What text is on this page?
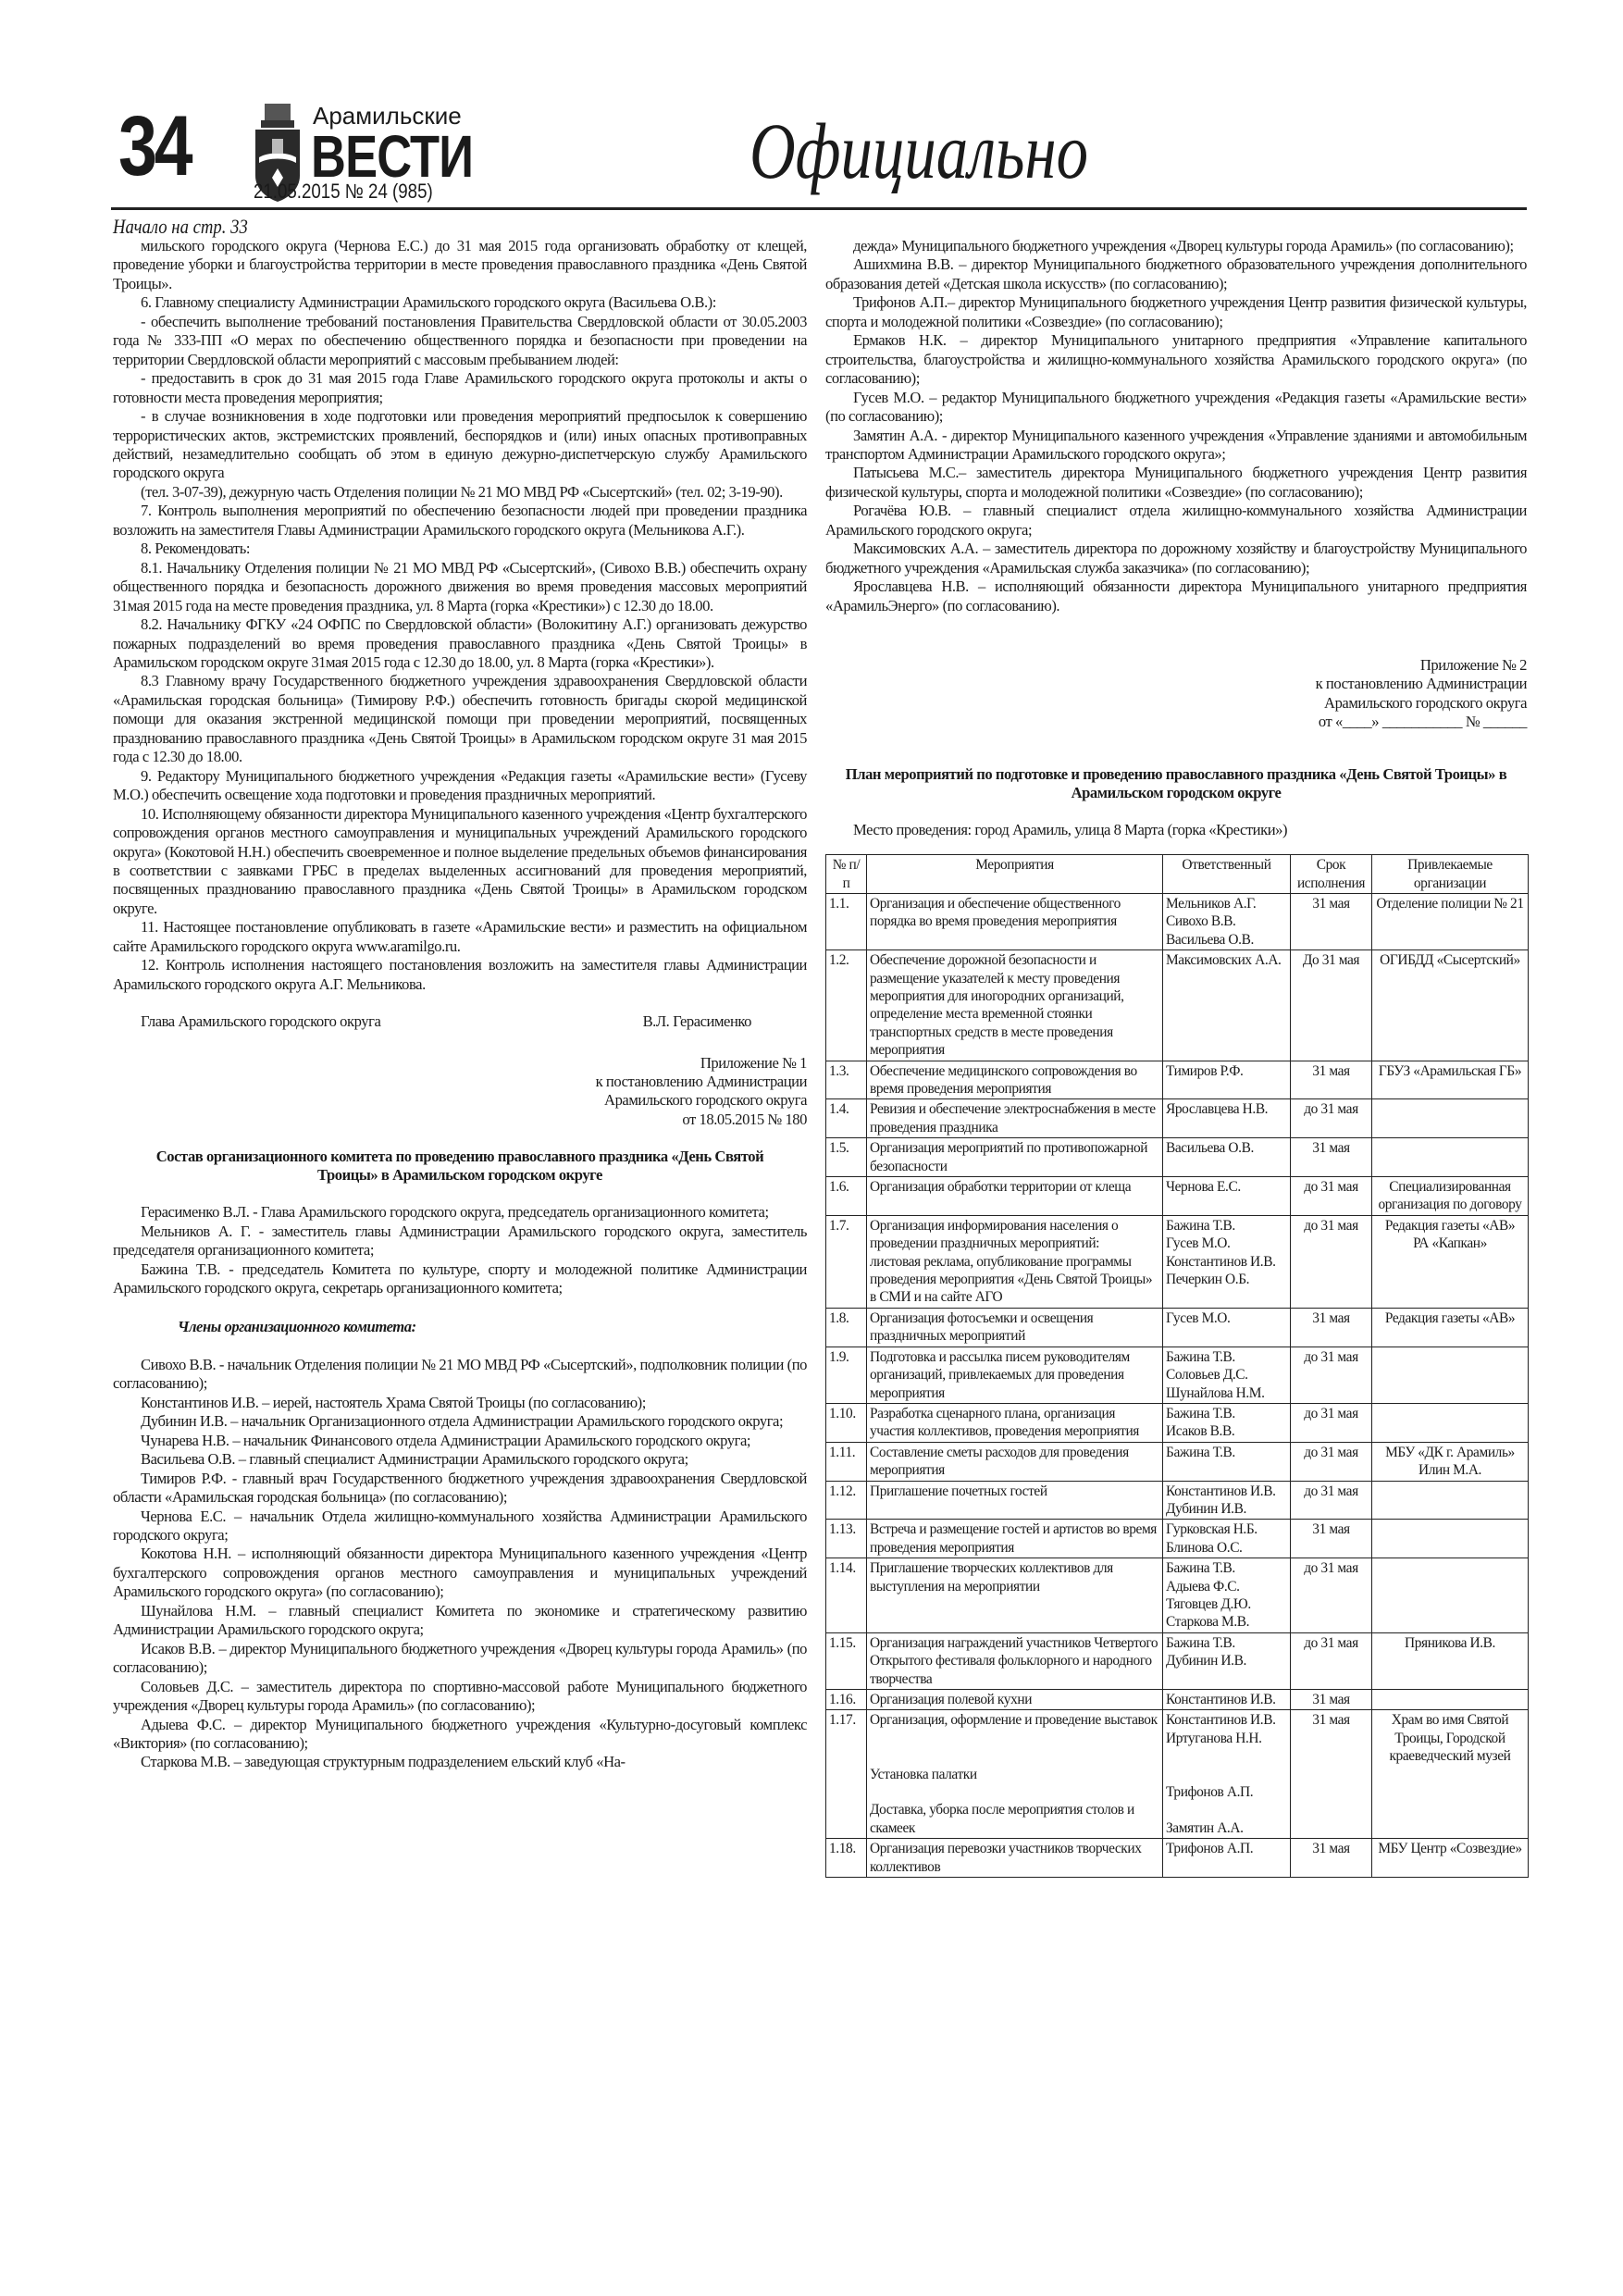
34	Арамильские
ВЕСТИ
21.05.2015 № 24 (985)	Официально
Начало на стр. 33

мильского городского округа (Чернова Е.С.) до 31 мая 2015 года организовать обработку от клещей, проведение уборки и благоустройства территории в месте проведения православного праздника «День Святой Троицы».

6. Главному специалисту Администрации Арамильского городского округа (Васильева О.В.):

- обеспечить выполнение требований постановления Правительства Свердловской области от 30.05.2003 года № 333-ПП «О мерах по обеспечению общественного порядка и безопасности при проведении на территории Свердловской области мероприятий с массовым пребыванием людей:

- предоставить в срок до 31 мая 2015 года Главе Арамильского городского округа протоколы и акты о готовности места проведения мероприятия;

- в случае возникновения в ходе подготовки или проведения мероприятий предпосылок к совершению террористических актов, экстремистских проявлений, беспорядков и (или) иных опасных противоправных действий, незамедлительно сообщать об этом в единую дежурно-диспетчерскую службу Арамильского городского округа

(тел. 3-07-39), дежурную часть Отделения полиции № 21 МО МВД РФ «Сысертский» (тел. 02; 3-19-90).

7. Контроль выполнения мероприятий по обеспечению безопасности людей при проведении праздника возложить на заместителя Главы Администрации Арамильского городского округа (Мельникова А.Г.).

8. Рекомендовать:

8.1. Начальнику Отделения полиции № 21 МО МВД РФ «Сысертский», (Сивохо В.В.) обеспечить охрану общественного порядка и безопасность дорожного движения во время проведения массовых мероприятий 31мая 2015 года на месте проведения праздника, ул. 8 Марта (горка «Крестики») с 12.30 до 18.00.

8.2. Начальнику ФГКУ «24 ОФПС по Свердловской области» (Волокитину А.Г.) организовать дежурство пожарных подразделений во время проведения православного праздника «День Святой Троицы» в Арамильском городском округе 31мая 2015 года с 12.30 до 18.00, ул. 8 Марта (горка «Крестики»).

8.3 Главному врачу Государственного бюджетного учреждения здравоохранения Свердловской области «Арамильская городская больница» (Тимирову Р.Ф.) обеспечить готовность бригады скорой медицинской помощи для оказания экстренной медицинской помощи при проведении мероприятий, посвященных празднованию православного праздника «День Святой Троицы» в Арамильском городском округе 31 мая 2015 года с 12.30 до 18.00.

9. Редактору Муниципального бюджетного учреждения «Редакция газеты «Арамильские вести» (Гусеву М.О.) обеспечить освещение хода подготовки и проведения праздничных мероприятий.

10. Исполняющему обязанности директора Муниципального казенного учреждения «Центр бухгалтерского сопровождения органов местного самоуправления и муниципальных учреждений Арамильского городского округа» (Кокотовой Н.Н.) обеспечить своевременное и полное выделение предельных объемов финансирования в соответствии с заявками ГРБС в пределах выделенных ассигнований для проведения мероприятий, посвященных празднованию православного праздника «День Святой Троицы» в Арамильском городском округе.

11. Настоящее постановление опубликовать в газете «Арамильские вести» и разместить на официальном сайте Арамильского городского округа www.aramilgo.ru.

12. Контроль исполнения настоящего постановления возложить на заместителя главы Администрации Арамильского городского округа А.Г. Мельникова.

Глава Арамильского городского округа	В.Л. Герасименко
Приложение № 1
к постановлению Администрации
Арамильского городского округа
от 18.05.2015 № 180
Состав организационного комитета по проведению православного праздника «День Святой Троицы» в Арамильском городском округе

Герасименко В.Л. - Глава Арамильского городского округа, председатель организационного комитета;

Мельников А. Г. - заместитель главы Администрации Арамильского городского округа, заместитель председателя организационного комитета;

Бажина Т.В. - председатель Комитета по культуре, спорту и молодежной политике Администрации Арамильского городского округа, секретарь организационного комитета;

Члены организационного комитета:

Сивохо В.В. - начальник Отделения полиции № 21 МО МВД РФ «Сысертский», подполковник полиции (по согласованию);

Константинов И.В. – иерей, настоятель Храма Святой Троицы (по согласованию);

Дубинин И.В. – начальник Организационного отдела Администрации Арамильского городского округа;

Чунарева Н.В. – начальник Финансового отдела Администрации Арамильского городского округа;

Васильева О.В. – главный специалист Администрации Арамильского городского округа;

Тимиров Р.Ф. - главный врач Государственного бюджетного учреждения здравоохранения Свердловской области «Арамильская городская больница» (по согласованию);

Чернова Е.С. – начальник Отдела жилищно-коммунального хозяйства Администрации Арамильского городского округа;

Кокотова Н.Н. – исполняющий обязанности директора Муниципального казенного учреждения «Центр бухгалтерского сопровождения органов местного самоуправления и муниципальных учреждений Арамильского городского округа» (по согласованию);

Шунайлова Н.М. – главный специалист Комитета по экономике и стратегическому развитию Администрации Арамильского городского округа;

Исаков В.В. – директор Муниципального бюджетного учреждения «Дворец культуры города Арамиль» (по согласованию);

Соловьев Д.С. – заместитель директора по спортивно-массовой работе Муниципального бюджетного учреждения «Дворец культуры города Арамиль» (по согласованию);

Адыева Ф.С. – директор Муниципального бюджетного учреждения «Культурно-досуговый комплекс «Виктория» (по согласованию);

Старкова М.В. – заведующая структурным подразделением ельский клуб «На-

дежда» Муниципального бюджетного учреждения «Дворец культуры города Арамиль» (по согласованию);

Ашихмина В.В. – директор Муниципального бюджетного образовательного учреждения дополнительного образования детей «Детская школа искусств» (по согласованию);

Трифонов А.П.– директор Муниципального бюджетного учреждения Центр развития физической культуры, спорта и молодежной политики «Созвездие» (по согласованию);

Ермаков Н.К. – директор Муниципального унитарного предприятия «Управление капитального строительства, благоустройства и жилищно-коммунального хозяйства Арамильского городского округа» (по согласованию);

Гусев М.О. – редактор Муниципального бюджетного учреждения «Редакция газеты «Арамильские вести» (по согласованию);

Замятин А.А. - директор Муниципального казенного учреждения «Управление зданиями и автомобильным транспортом Администрации Арамильского городского округа»;

Патысьева М.С.– заместитель директора Муниципального бюджетного учреждения Центр развития физической культуры, спорта и молодежной политики «Созвездие» (по согласованию);

Рогачёва Ю.В. – главный специалист отдела жилищно-коммунального хозяйства Администрации Арамильского городского округа;

Максимовских А.А. – заместитель директора по дорожному хозяйству и благоустройству Муниципального бюджетного учреждения «Арамильская служба заказчика» (по согласованию);

Ярославцева Н.В. – исполняющий обязанности директора Муниципального унитарного предприятия «АрамильЭнерго» (по согласованию).

Приложение № 2
к постановлению Администрации
Арамильского городского округа
от «____» ___________ № ______
План мероприятий по подготовке и проведению православного праздника «День Святой Троицы» в Арамильском городском округе
Место проведения: город Арамиль, улица 8 Марта (горка «Крестики»)
№ п/п	Мероприятия	Ответственный	Срок исполнения	Привлекаемые организации
1.1.	Организация и обеспечение общественного порядка во время проведения мероприятия	Мельников А.Г.
Сивохо В.В.
Васильева О.В.	31 мая	Отделение полиции № 21
1.2.	Обеспечение дорожной безопасности и размещение указателей к месту проведения мероприятия для иногородних организаций, определение места временной стоянки транспортных средств в месте проведения мероприятия	Максимовских А.А.	До 31 мая	ОГИБДД «Сысертский»
1.3.	Обеспечение медицинского сопровождения во время проведения мероприятия	Тимиров Р.Ф.	31 мая	ГБУЗ «Арамильская ГБ»
1.4.	Ревизия и обеспечение электроснабжения в месте проведения праздника	Ярославцева Н.В.	до 31 мая	
1.5.	Организация мероприятий по противопожарной безопасности	Васильева О.В.	31 мая	
1.6.	Организация обработки территории от клеща	Чернова Е.С.	до 31 мая	Специализированная организация по договору
1.7.	Организация информирования населения о проведении праздничных мероприятий:
листовая реклама, опубликование программы проведения мероприятия «День Святой Троицы» в СМИ и на сайте АГО	Бажина Т.В.
Гусев М.О.
Константинов И.В.
Печеркин О.Б.	до 31 мая	Редакция газеты «АВ»
РА «Капкан»
1.8.	Организация фотосъемки и освещения праздничных мероприятий	Гусев М.О.	31 мая	Редакция газеты «АВ»
1.9.	Подготовка и рассылка писем руководителям организаций, привлекаемых для проведения мероприятия	Бажина Т.В.
Соловьев Д.С.
Шунайлова Н.М.	до 31 мая	
1.10.	Разработка сценарного плана, организация участия коллективов, проведения мероприятия	Бажина Т.В.
Исаков В.В.	до 31 мая	
1.11.	Составление сметы расходов для проведения мероприятия	Бажина Т.В.	до 31 мая	МБУ «ДК г. Арамиль»
Илин М.А.
1.12.	Приглашение почетных гостей	Константинов И.В.
Дубинин И.В.	до 31 мая	
1.13.	Встреча и размещение гостей и артистов во время проведения мероприятия	Гурковская Н.Б.
Блинова О.С.	31 мая	
1.14.	Приглашение творческих коллективов для выступления на мероприятии	Бажина Т.В.
Адыева Ф.С.
Тяговцев Д.Ю.
Старкова М.В.	до 31 мая	
1.15.	Организация награждений участников Четвертого Открытого фестиваля фольклорного и народного творчества	Бажина Т.В.
Дубинин И.В.	до 31 мая	Пряникова И.В.
1.16.	Организация полевой кухни	Константинов И.В.	31 мая	
1.17.	Организация, оформление и проведение выставок

Установка палатки

Доставка, уборка после мероприятия столов и скамеек	Константинов И.В.
Иртуганова Н.Н.

Трифонов А.П.

Замятин А.А.	31 мая	Храм во имя Святой Троицы, Городской краеведческий музей
1.18.	Организация перевозки участников творческих коллективов	Трифонов А.П.	31 мая	МБУ Центр «Созвездие»
